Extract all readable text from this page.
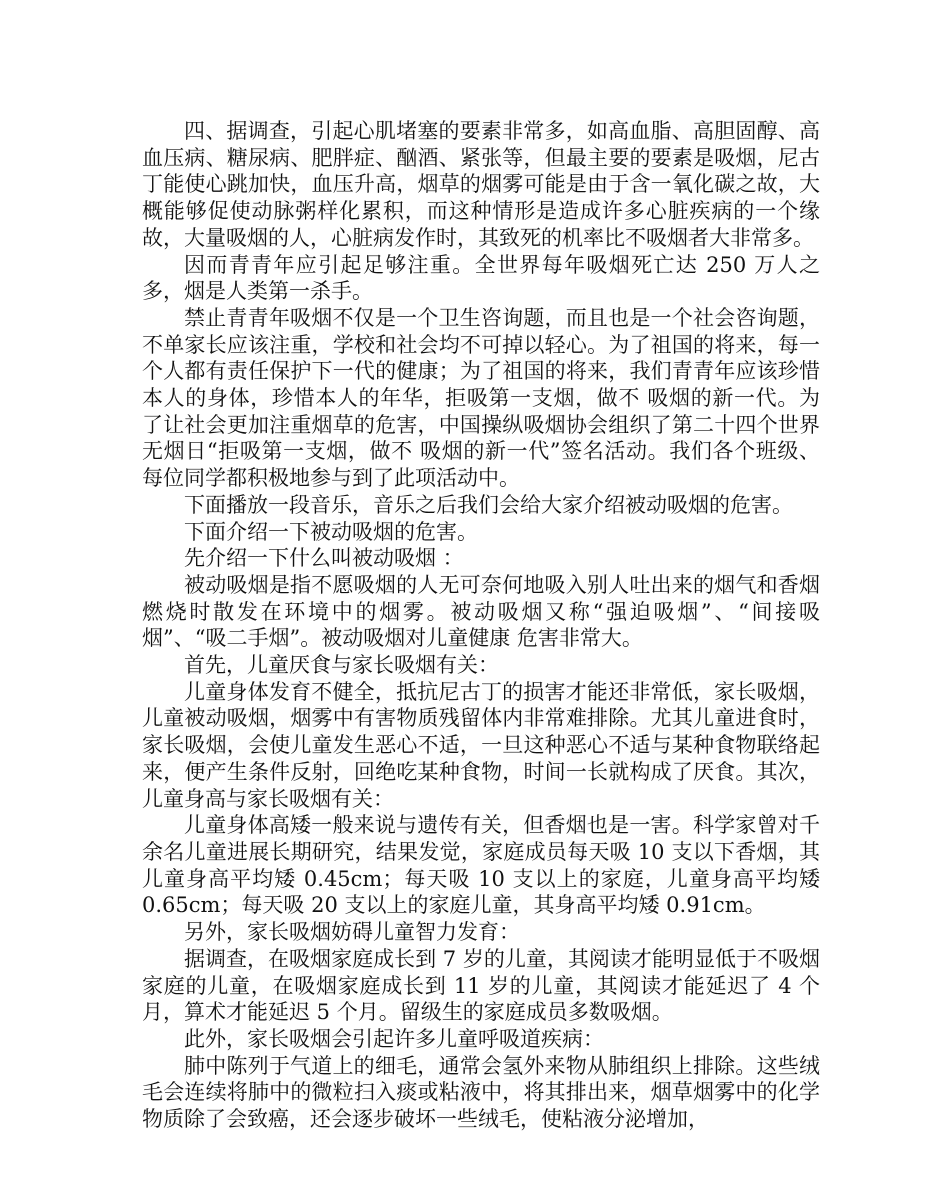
四、据调查，引起心肌堵塞的要素非常多，如高血脂、高胆固醇、高血压病、糖尿病、肥胖症、酗酒、紧张等，但最主要的要素是吸烟，尼古丁能使心跳加快，血压升高，烟草的烟雾可能是由于含一氧化碳之故，大概能够促使动脉粥样化累积，而这种情形是造成许多心脏疾病的一个缘故，大量吸烟的人，心脏病发作时，其致死的机率比不吸烟者大非常多。

因而青青年应引起足够注重。全世界每年吸烟死亡达 250 万人之多，烟是人类第一杀手。

禁止青青年吸烟不仅是一个卫生咨询题，而且也是一个社会咨询题，不单家长应该注重，学校和社会均不可掉以轻心。为了祖国的将来，每一个人都有责任保护下一代的健康；为了祖国的将来，我们青青年应该珍惜本人的身体，珍惜本人的年华，拒吸第一支烟，做不 吸烟的新一代。为了让社会更加注重烟草的危害，中国操纵吸烟协会组织了第二十四个世界无烟日“拒吸第一支烟，做不 吸烟的新一代”签名活动。我们各个班级、每位同学都积极地参与到了此项活动中。

下面播放一段音乐，音乐之后我们会给大家介绍被动吸烟的危害。

下面介绍一下被动吸烟的危害。

先介绍一下什么叫被动吸烟 ：

被动吸烟是指不愿吸烟的人无可奈何地吸入别人吐出来的烟气和香烟燃烧时散发在环境中的烟雾。被动吸烟又称“强迫吸烟”、“间接吸烟”、“吸二手烟”。被动吸烟对儿童健康 危害非常大。

首先，儿童厌食与家长吸烟有关：

儿童身体发育不健全，抵抗尼古丁的损害才能还非常低，家长吸烟，儿童被动吸烟，烟雾中有害物质残留体内非常难排除。尤其儿童进食时，家长吸烟，会使儿童发生恶心不适，一旦这种恶心不适与某种食物联络起来，便产生条件反射，回绝吃某种食物，时间一长就构成了厌食。其次，儿童身高与家长吸烟有关：

儿童身体高矮一般来说与遗传有关，但香烟也是一害。科学家曾对千余名儿童进展长期研究，结果发觉，家庭成员每天吸 10 支以下香烟，其儿童身高平均矮 0.45cm；每天吸 10 支以上的家庭，儿童身高平均矮 0.65cm；每天吸 20 支以上的家庭儿童，其身高平均矮 0.91cm。

另外，家长吸烟妨碍儿童智力发育：

据调查，在吸烟家庭成长到 7 岁的儿童，其阅读才能明显低于不吸烟家庭的儿童，在吸烟家庭成长到 11 岁的儿童，其阅读才能延迟了 4 个月，算术才能延迟 5 个月。留级生的家庭成员多数吸烟。

此外，家长吸烟会引起许多儿童呼吸道疾病：

肺中陈列于气道上的细毛，通常会氢外来物从肺组织上排除。这些绒毛会连续将肺中的微粒扫入痰或粘液中，将其排出来，烟草烟雾中的化学物质除了会致癌，还会逐步破坏一些绒毛，使粘液分泌增加，
